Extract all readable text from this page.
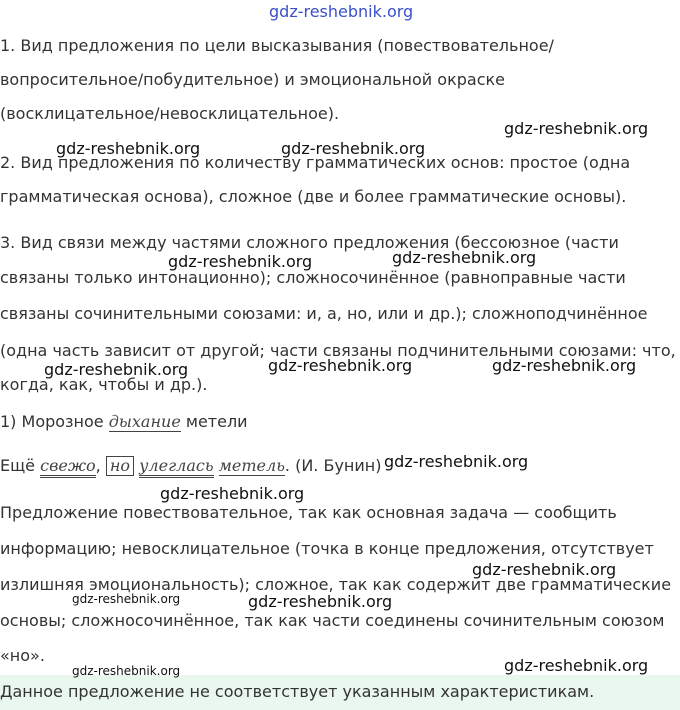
gdz-reshebnik.org
1. Вид предложения по цели высказывания (повествовательное/
вопросительное/побудительное) и эмоциональной окраске
(восклицательное/невосклицательное).
2. Вид предложения по количеству грамматических основ: простое (одна
грамматическая основа), сложное (две и более грамматические основы).
3. Вид связи между частями сложного предложения (бессоюзное (части
связаны только интонационно); сложносочинённое (равноправные части
связаны сочинительными союзами: и, а, но, или и др.); сложноподчинённое
(одна часть зависит от другой; части связаны подчинительными союзами: что,
когда, как, чтобы и др.).
1) Морозное дыхание метели
Ещё свежо, но улеглась метель. (И. Бунин)
Предложение повествовательное, так как основная задача — сообщить
информацию; невосклицательное (точка в конце предложения, отсутствует
излишняя эмоциональность); сложное, так как содержит две грамматические
основы; сложносочинённое, так как части соединены сочинительным союзом
«но».
Данное предложение не соответствует указанным характеристикам.
gdz-reshebnik.org
gdz-reshebnik.org	gdz-reshebnik.org
gdz-reshebnik.org
gdz-reshebnik.org
gdz-reshebnik.org	gdz-reshebnik.org
gdz-reshebnik.org
gdz-reshebnik.org
gdz-reshebnik.org
gdz-reshebnik.org
gdz-reshebnik.org	gdz-reshebnik.org
gdz-reshebnik.org
gdz-reshebnik.org
